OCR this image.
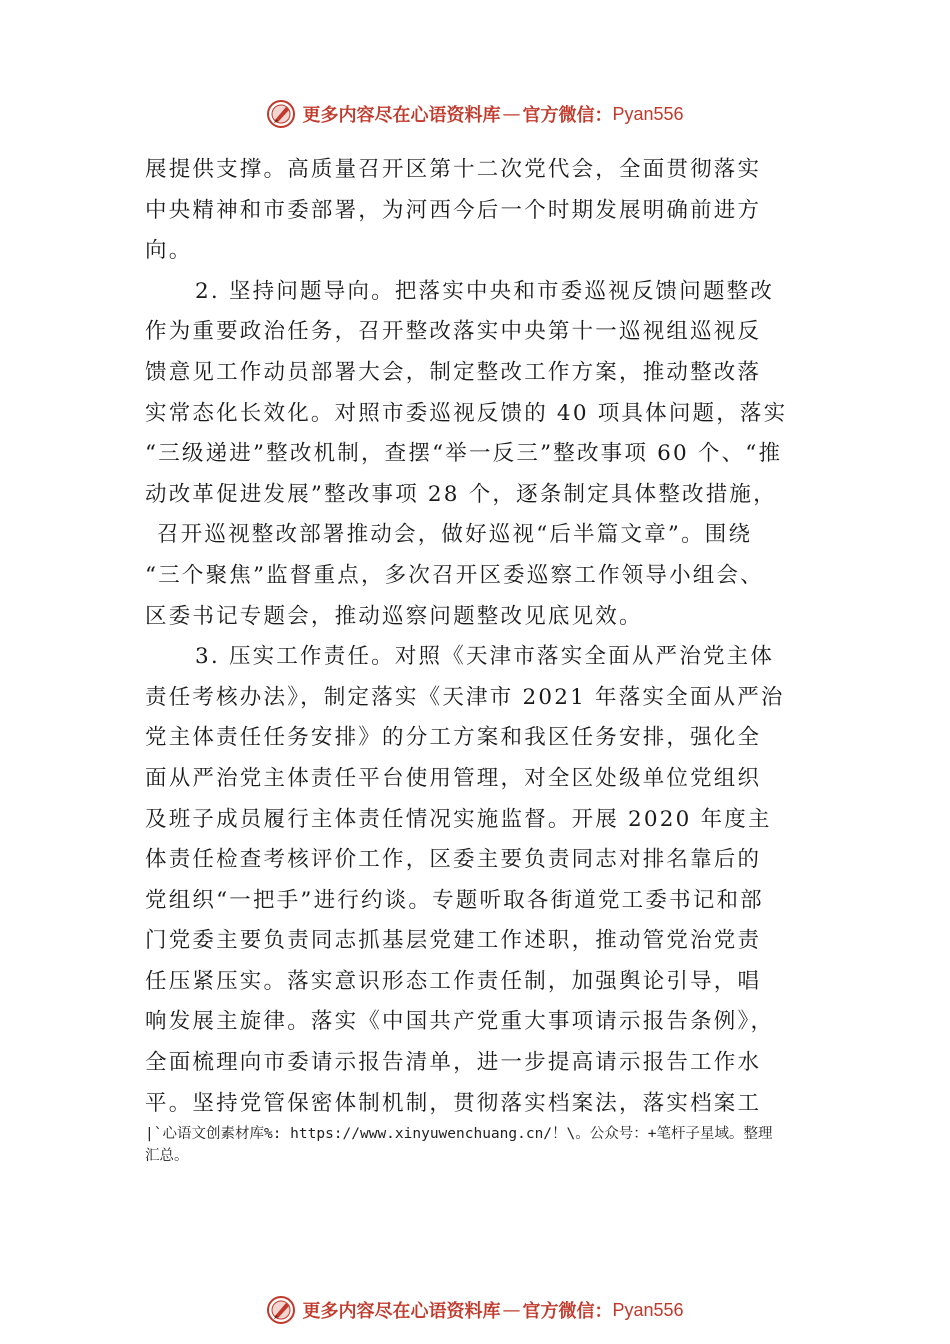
更多内容尽在心语资料库 — 官方微信： Pyan556
展提供支撑。高质量召开区第十二次党代会，全面贯彻落实
中央精神和市委部署，为河西今后一个时期发展明确前进方
向。
2. 坚持问题导向。把落实中央和市委巡视反馈问题整改
作为重要政治任务，召开整改落实中央第十一巡视组巡视反
馈意见工作动员部署大会，制定整改工作方案，推动整改落
实常态化长效化。对照市委巡视反馈的 40 项具体问题，落实
“三级递进”整改机制，查摆“举一反三”整改事项 60 个、“推
动改革促进发展”整改事项 28 个，逐条制定具体整改措施，
召开巡视整改部署推动会，做好巡视“后半篇文章”。围绕
“三个聚焦”监督重点，多次召开区委巡察工作领导小组会、
区委书记专题会，推动巡察问题整改见底见效。
3. 压实工作责任。对照《天津市落实全面从严治党主体
责任考核办法》，制定落实《天津市 2021 年落实全面从严治
党主体责任任务安排》的分工方案和我区任务安排，强化全
面从严治党主体责任平台使用管理，对全区处级单位党组织
及班子成员履行主体责任情况实施监督。开展 2020 年度主
体责任检查考核评价工作，区委主要负责同志对排名靠后的
党组织“一把手”进行约谈。专题听取各街道党工委书记和部
门党委主要负责同志抓基层党建工作述职，推动管党治党责
任压紧压实。落实意识形态工作责任制，加强舆论引导，唱
响发展主旋律。落实《中国共产党重大事项请示报告条例》，
全面梳理向市委请示报告清单，进一步提高请示报告工作水
平。坚持党管保密体制机制，贯彻落实档案法，落实档案工
|`心语文创素材库%: https://www.xinyuwenchuang.cn/！\。公众号：+笔杆子星域。整理
汇总。
更多内容尽在心语资料库 — 官方微信： Pyan556
